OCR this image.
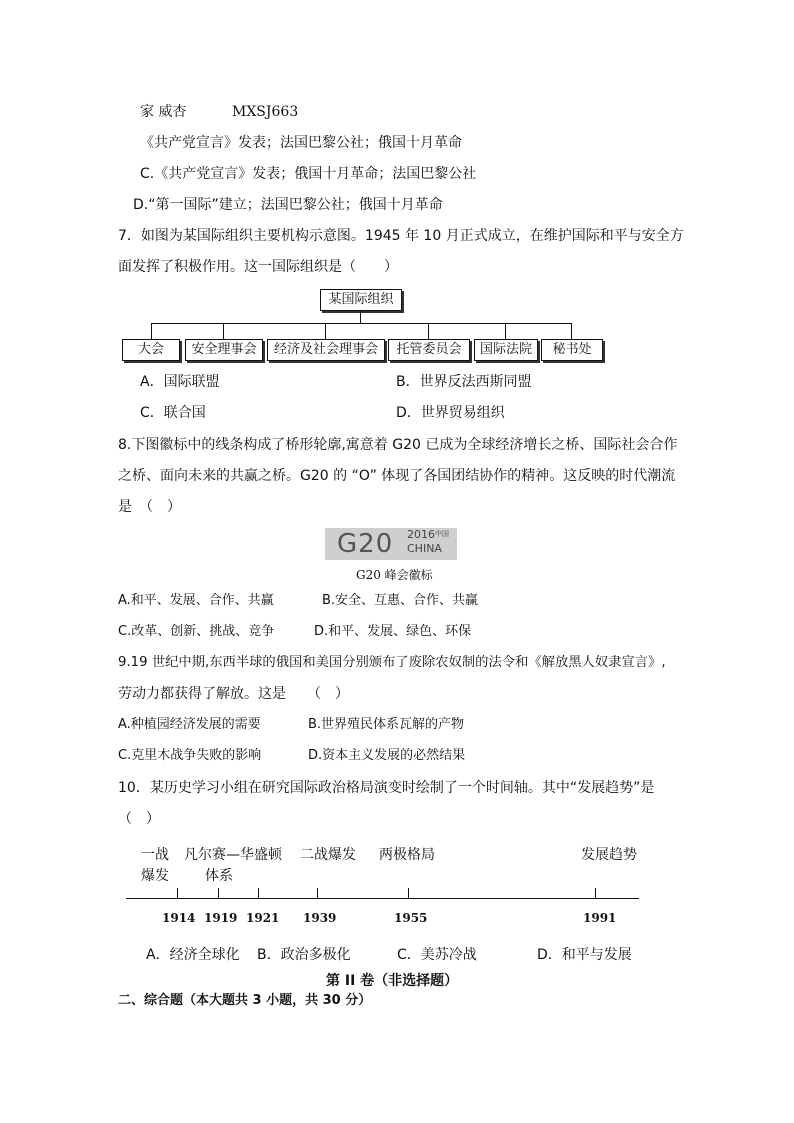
家 威杏	MXSJ663
《共产党宣言》发表；法国巴黎公社；俄国十月革命
C.《共产党宣言》发表；俄国十月革命；法国巴黎公社
D.“第一国际”建立；法国巴黎公社；俄国十月革命
7．如图为某国际组织主要机构示意图。1945 年 10 月正式成立，在维护国际和平与安全方
面发挥了积极作用。这一国际组织是（　　）
某国际组织
大会	安全理事会	经济及社会理事会	托管委员会	国际法院	秘书处
A．国际联盟	B．世界反法西斯同盟
C．联合国	D．世界贸易组织
8.下图徽标中的线条构成了桥形轮廓,寓意着 G20 已成为全球经济增长之桥、国际社会合作
之桥、面向未来的共赢之桥。G20 的 “O” 体现了各国团结协作的精神。这反映的时代潮流
是　（　）
G20 2016 中国
CHINA
G20 峰会徽标
A.和平、发展、合作、共赢	B.安全、互惠、合作、共赢
C.改革、创新、挑战、竞争	D.和平、发展、绿色、环保
9.19 世纪中期,东西半球的俄国和美国分别颁布了废除农奴制的法令和《解放黑人奴隶宣言》,
劳动力都获得了解放。这是　　（　）
A.种植园经济发展的需要	B.世界殖民体系瓦解的产物
C.克里木战争失败的影响	D.资本主义发展的必然结果
10．某历史学习小组在研究国际政治格局演变时绘制了一个时间轴。其中“发展趋势”是
（　）
一战
爆发
凡尔赛—华盛顿
体系
二战爆发 两极格局	发展趋势
1914 1919 1921 1939	1955	1991
A．经济全球化 B．政治多极化	C．美苏冷战	D．和平与发展
第 II 卷（非选择题）
二、综合题（本大题共 3 小题，共 30 分）
